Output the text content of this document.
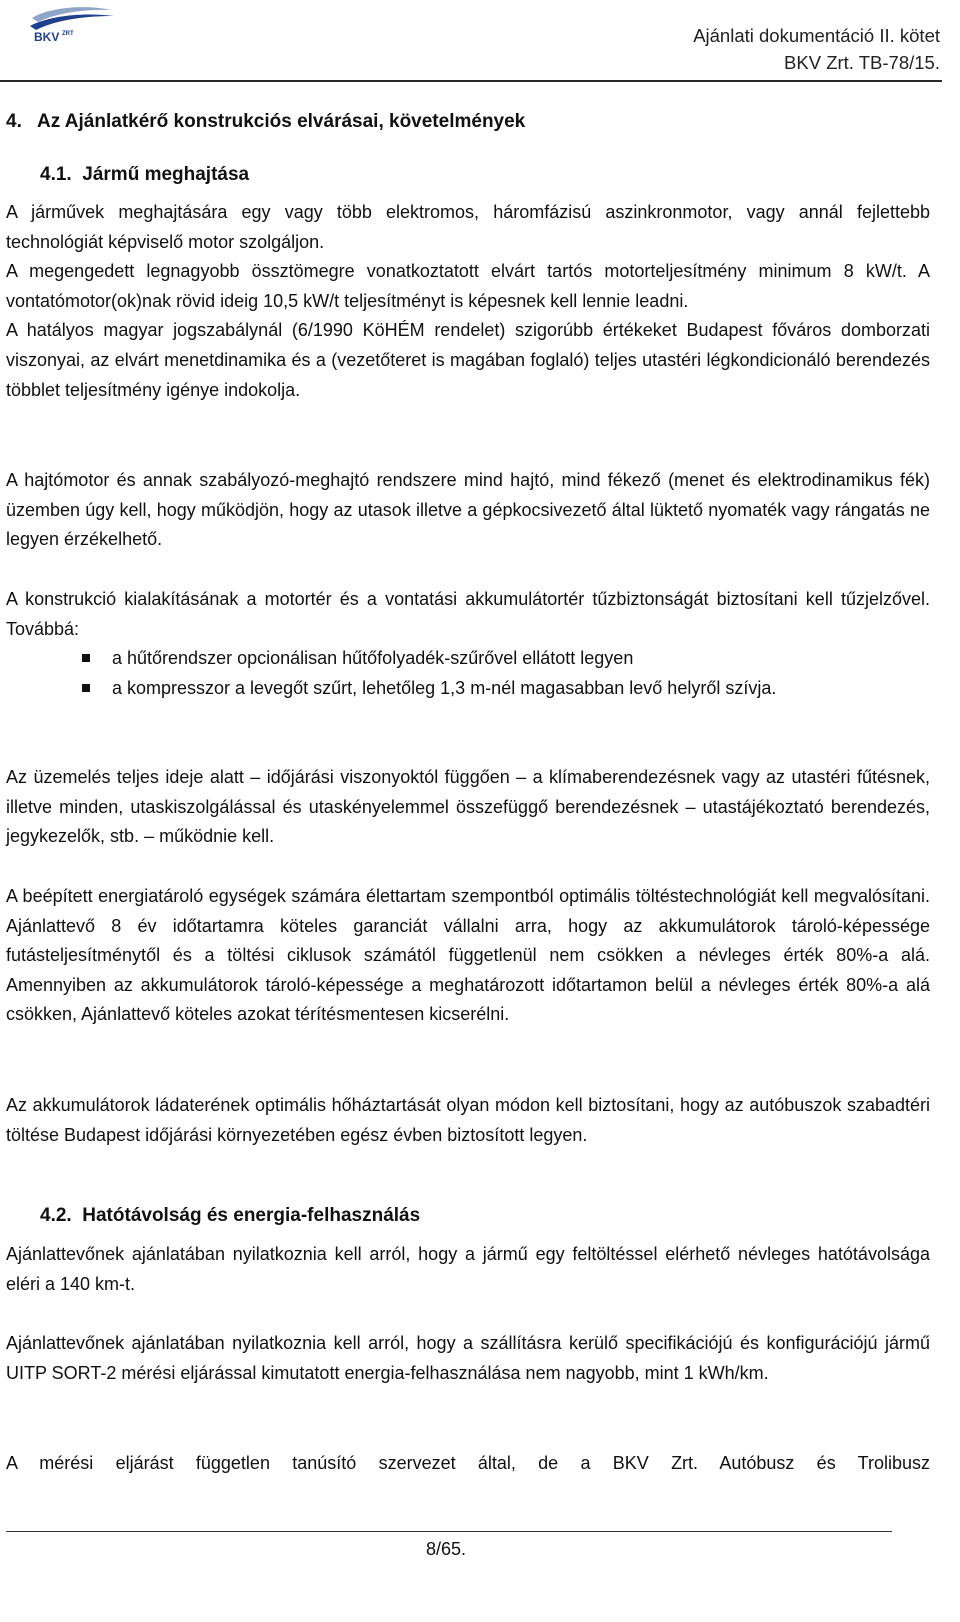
BKV ZRT	Ajánlati dokumentáció II. kötet
BKV Zrt. TB-78/15.
4. Az Ajánlatkérő konstrukciós elvárásai, követelmények
4.1. Jármű meghajtása

A járművek meghajtására egy vagy több elektromos, háromfázisú aszinkronmotor, vagy annál fejlettebb technológiát képviselő motor szolgáljon.

A megengedett legnagyobb össztömegre vonatkoztatott elvárt tartós motorteljesítmény minimum 8 kW/t. A vontatómotor(ok)nak rövid ideig 10,5 kW/t teljesítményt is képesnek kell lennie leadni.

A hatályos magyar jogszabálynál (6/1990 KöHÉM rendelet) szigorúbb értékeket Budapest főváros domborzati viszonyai, az elvárt menetdinamika és a (vezetőteret is magában foglaló) teljes utastéri légkondicionáló berendezés többlet teljesítmény igénye indokolja.

A hajtómotor és annak szabályozó-meghajtó rendszere mind hajtó, mind fékező (menet és elektrodinamikus fék) üzemben úgy kell, hogy működjön, hogy az utasok illetve a gépkocsivezető által lüktető nyomaték vagy rángatás ne legyen érzékelhető.

A konstrukció kialakításának a motortér és a vontatási akkumulátortér tűzbiztonságát biztosítani kell tűzjelzővel. Továbbá:

a hűtőrendszer opcionálisan hűtőfolyadék-szűrővel ellátott legyen
a kompresszor a levegőt szűrt, lehetőleg 1,3 m-nél magasabban levő helyről szívja.

Az üzemelés teljes ideje alatt – időjárási viszonyoktól függően – a klímaberendezésnek vagy az utastéri fűtésnek, illetve minden, utaskiszolgálással és utaskényelemmel összefüggő berendezésnek – utastájékoztató berendezés, jegykezelők, stb. – működnie kell.

A beépített energiatároló egységek számára élettartam szempontból optimális töltéstechnológiát kell megvalósítani. Ajánlattevő 8 év időtartamra köteles garanciát vállalni arra, hogy az akkumulátorok tároló-képessége futásteljesítménytől és a töltési ciklusok számától függetlenül nem csökken a névleges érték 80%-a alá. Amennyiben az akkumulátorok tároló-képessége a meghatározott időtartamon belül a névleges érték 80%-a alá csökken, Ajánlattevő köteles azokat térítésmentesen kicserélni.

Az akkumulátorok ládaterének optimális hőháztartását olyan módon kell biztosítani, hogy az autóbuszok szabadtéri töltése Budapest időjárási környezetében egész évben biztosított legyen.

4.2. Hatótávolság és energia-felhasználás

Ajánlattevőnek ajánlatában nyilatkoznia kell arról, hogy a jármű egy feltöltéssel elérhető névleges hatótávolsága eléri a 140 km-t.

Ajánlattevőnek ajánlatában nyilatkoznia kell arról, hogy a szállításra kerülő specifikációjú és konfigurációjú jármű UITP SORT-2 mérési eljárással kimutatott energia-felhasználása nem nagyobb, mint 1 kWh/km.

A mérési eljárást független tanúsító szervezet által, de a BKV Zrt. Autóbusz és Trolibusz

8/65.
